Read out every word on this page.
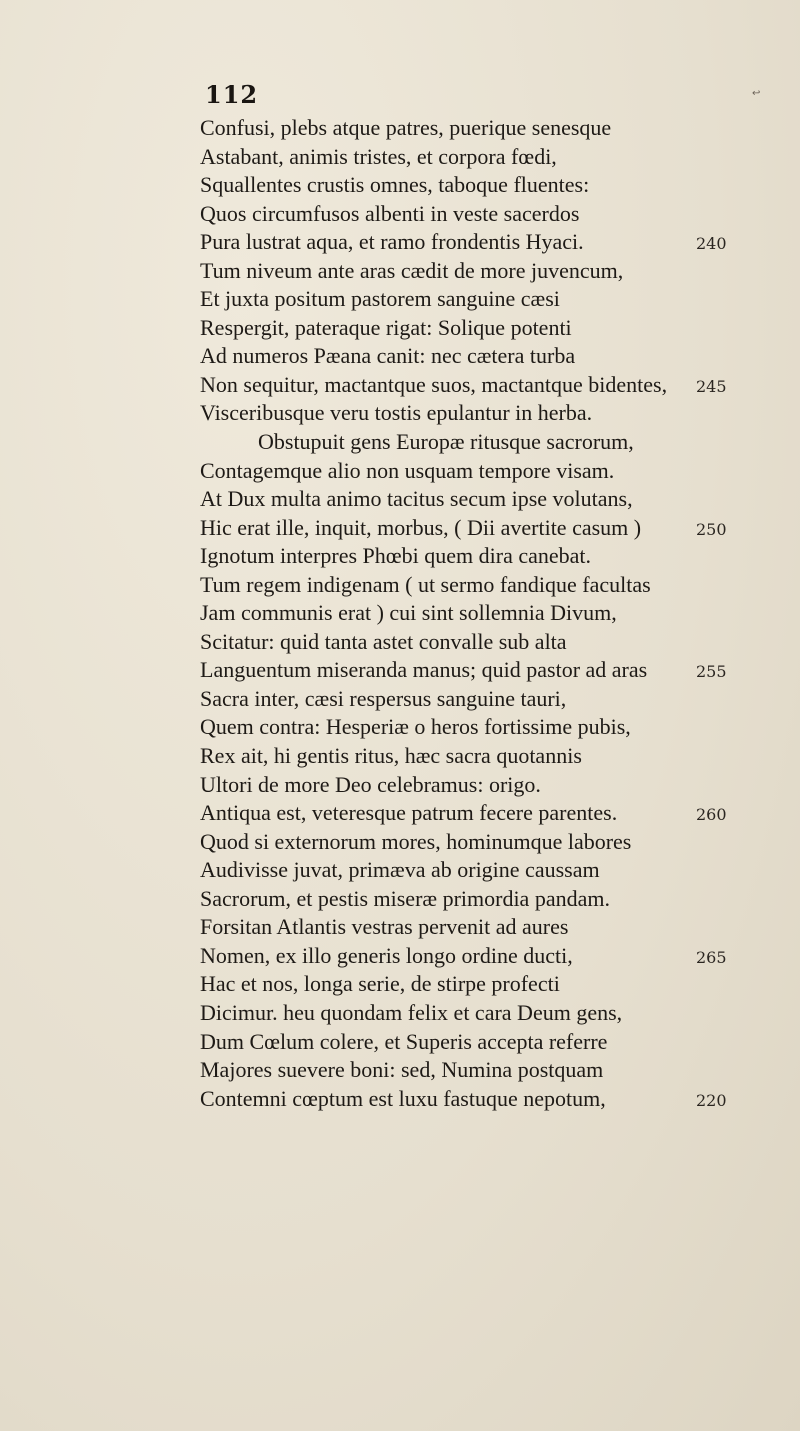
112	↩
Confusi, plebs atque patres, puerique senesque
Astabant, animis tristes, et corpora fœdi,
Squallentes crustis omnes, taboque fluentes:
Quos circumfusos albenti in veste sacerdos
Pura lustrat aqua, et ramo frondentis Hyaci.
Tum niveum ante aras cædit de more juvencum,
Et juxta positum pastorem sanguine cæsi
Respergit, pateraque rigat: Solique potenti
Ad numeros Pæana canit: nec cætera turba
Non sequitur, mactantque suos, mactantque bidentes,
Visceribusque veru tostis epulantur in herba.
Obstupuit gens Europæ ritusque sacrorum,
Contagemque alio non usquam tempore visam.
At Dux multa animo tacitus secum ipse volutans,
Hic erat ille, inquit, morbus, ( Dii avertite casum )
Ignotum interpres Phœbi quem dira canebat.
Tum regem indigenam ( ut sermo fandique facultas
Jam communis erat ) cui sint sollemnia Divum,
Scitatur: quid tanta astet convalle sub alta
Languentum miseranda manus; quid pastor ad aras
Sacra inter, cæsi respersus sanguine tauri,
Quem contra: Hesperiæ o heros fortissime pubis,
Rex ait, hi gentis ritus, hæc sacra quotannis
Ultori de more Deo celebramus: origo.
Antiqua est, veteresque patrum fecere parentes.
Quod si externorum mores, hominumque labores
Audivisse juvat, primæva ab origine caussam
Sacrorum, et pestis miseræ primordia pandam.
Forsitan Atlantis vestras pervenit ad aures
Nomen, ex illo generis longo ordine ducti,
Hac et nos, longa serie, de stirpe profecti
Dicimur. heu quondam felix et cara Deum gens,
Dum Cœlum colere, et Superis accepta referre
Majores suevere boni: sed, Numina postquam
Contemni cœptum est luxu fastuque nepotum,
240
245
250
255
260
265
220
